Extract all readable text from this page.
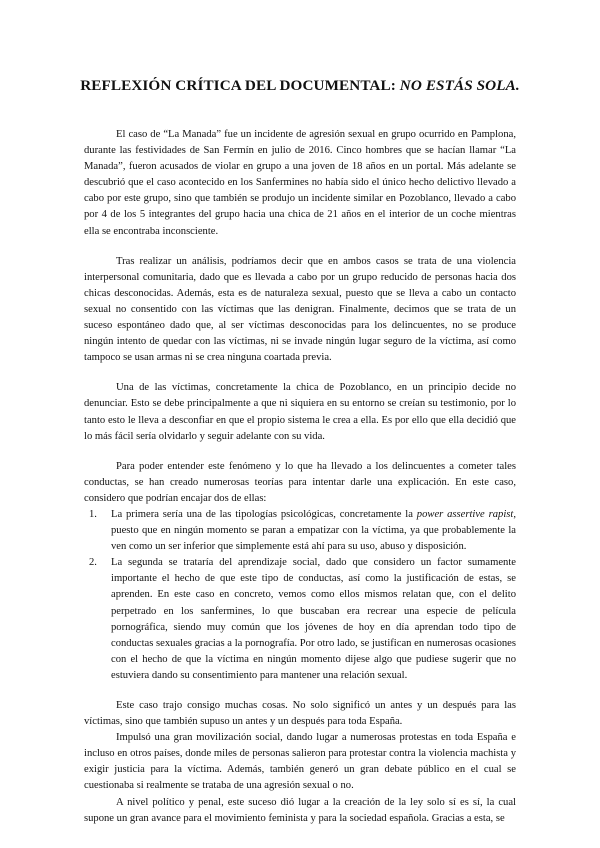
REFLEXIÓN CRÍTICA DEL DOCUMENTAL: NO ESTÁS SOLA.

El caso de “La Manada” fue un incidente de agresión sexual en grupo ocurrido en Pamplona, durante las festividades de San Fermín en julio de 2016. Cinco hombres que se hacían llamar “La Manada”, fueron acusados de violar en grupo a una joven de 18 años en un portal. Más adelante se descubrió que el caso acontecido en los Sanfermines no había sido el único hecho delictivo llevado a cabo por este grupo, sino que también se produjo un incidente similar en Pozoblanco, llevado a cabo por 4 de los 5 integrantes del grupo hacia una chica de 21 años en el interior de un coche mientras ella se encontraba inconsciente.

Tras realizar un análisis, podríamos decir que en ambos casos se trata de una violencia interpersonal comunitaria, dado que es llevada a cabo por un grupo reducido de personas hacia dos chicas desconocidas. Además, esta es de naturaleza sexual, puesto que se lleva a cabo un contacto sexual no consentido con las víctimas que las denigran. Finalmente, decimos que se trata de un suceso espontáneo dado que, al ser víctimas desconocidas para los delincuentes, no se produce ningún intento de quedar con las víctimas, ni se invade ningún lugar seguro de la víctima, así como tampoco se usan armas ni se crea ninguna coartada previa.

Una de las víctimas, concretamente la chica de Pozoblanco, en un principio decide no denunciar. Esto se debe principalmente a que ni siquiera en su entorno se creían su testimonio, por lo tanto esto le lleva a desconfiar en que el propio sistema le crea a ella. Es por ello que ella decidió que lo más fácil sería olvidarlo y seguir adelante con su vida.

Para poder entender este fenómeno y lo que ha llevado a los delincuentes a cometer tales conductas, se han creado numerosas teorías para intentar darle una explicación. En este caso, considero que podrían encajar dos de ellas:

1. La primera sería una de las tipologías psicológicas, concretamente la power assertive rapist, puesto que en ningún momento se paran a empatizar con la víctima, ya que probablemente la ven como un ser inferior que simplemente está ahí para su uso, abuso y disposición.
2. La segunda se trataría del aprendizaje social, dado que considero un factor sumamente importante el hecho de que este tipo de conductas, así como la justificación de estas, se aprenden. En este caso en concreto, vemos como ellos mismos relatan que, con el delito perpetrado en los sanfermines, lo que buscaban era recrear una especie de película pornográfica, siendo muy común que los jóvenes de hoy en día aprendan todo tipo de conductas sexuales gracias a la pornografía. Por otro lado, se justifican en numerosas ocasiones con el hecho de que la víctima en ningún momento dijese algo que pudiese sugerir que no estuviera dando su consentimiento para mantener una relación sexual.

Este caso trajo consigo muchas cosas. No solo significó un antes y un después para las víctimas, sino que también supuso un antes y un después para toda España.

Impulsó una gran movilización social, dando lugar a numerosas protestas en toda España e incluso en otros países, donde miles de personas salieron para protestar contra la violencia machista y exigir justicia para la víctima. Además, también generó un gran debate público en el cual se cuestionaba si realmente se trataba de una agresión sexual o no.

A nivel político y penal, este suceso dió lugar a la creación de la ley solo sí es sí, la cual supone un gran avance para el movimiento feminista y para la sociedad española. Gracias a esta, se
